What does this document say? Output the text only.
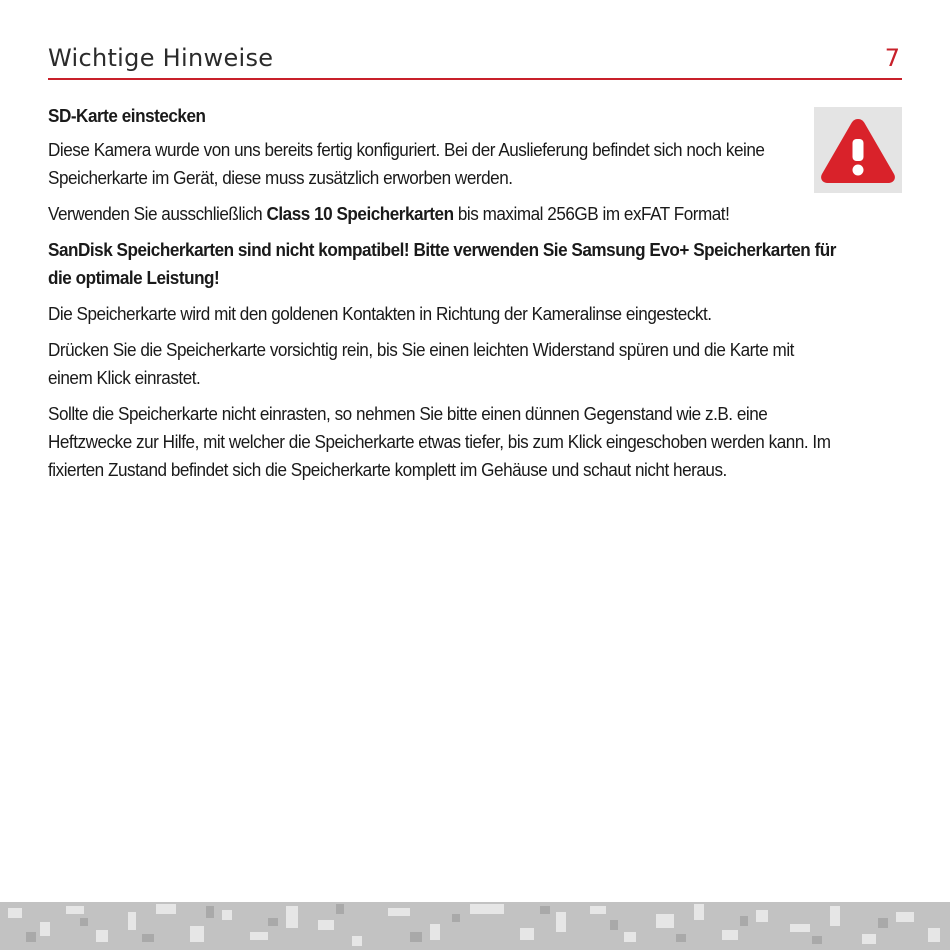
Wichtige Hinweise	7

SD-Karte einstecken

Diese Kamera wurde von uns bereits fertig konfiguriert. Bei der Auslieferung befindet sich noch keine Speicherkarte im Gerät, diese muss zusätzlich erworben werden.

Verwenden Sie ausschließlich Class 10 Speicherkarten bis maximal 256GB im exFAT Format!

SanDisk Speicherkarten sind nicht kompatibel! Bitte verwenden Sie Samsung Evo+ Speicherkarten für die optimale Leistung!

Die Speicherkarte wird mit den goldenen Kontakten in Richtung der Kameralinse eingesteckt.

Drücken Sie die Speicherkarte vorsichtig rein, bis Sie einen leichten Widerstand spüren und die Karte mit einem Klick einrastet.

Sollte die Speicherkarte nicht einrasten, so nehmen Sie bitte einen dünnen Gegenstand wie z.B. eine Heftzwecke zur Hilfe, mit welcher die Speicherkarte etwas tiefer, bis zum Klick eingeschoben werden kann. Im fixierten Zustand befindet sich die Speicherkarte komplett im Gehäuse und schaut nicht heraus.
